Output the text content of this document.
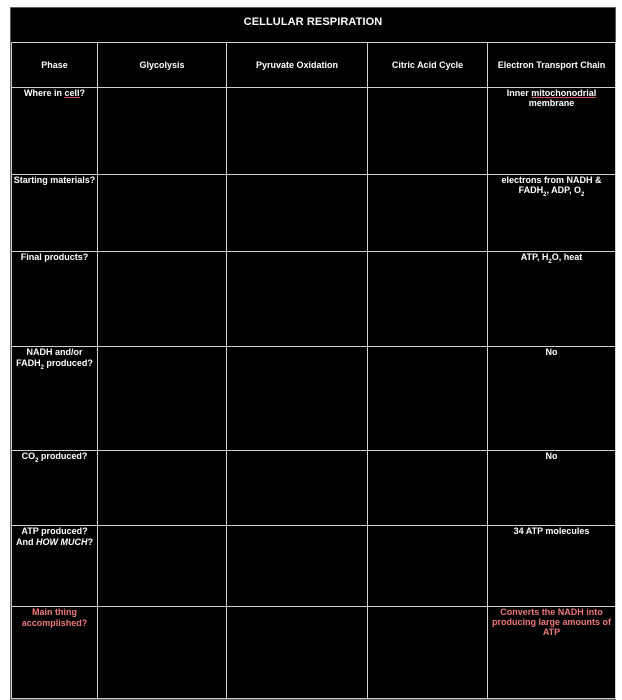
CELLULAR RESPIRATION
Phase	Glycolysis	Pyruvate Oxidation	Citric Acid Cycle	Electron Transport Chain
Where in cell?				Inner mitochonodrial membrane
Starting materials?				electrons from NADH & $FADH_2$, ADP, $O_2$
Final products?				ATP, $H_2O$, heat
NADH and/or $FADH_2$ produced?				No
$CO_2$ produced?				No
ATP produced? And HOW MUCH?				34 ATP molecules
Main thing accomplished?				Converts the NADH into producing large amounts of ATP
